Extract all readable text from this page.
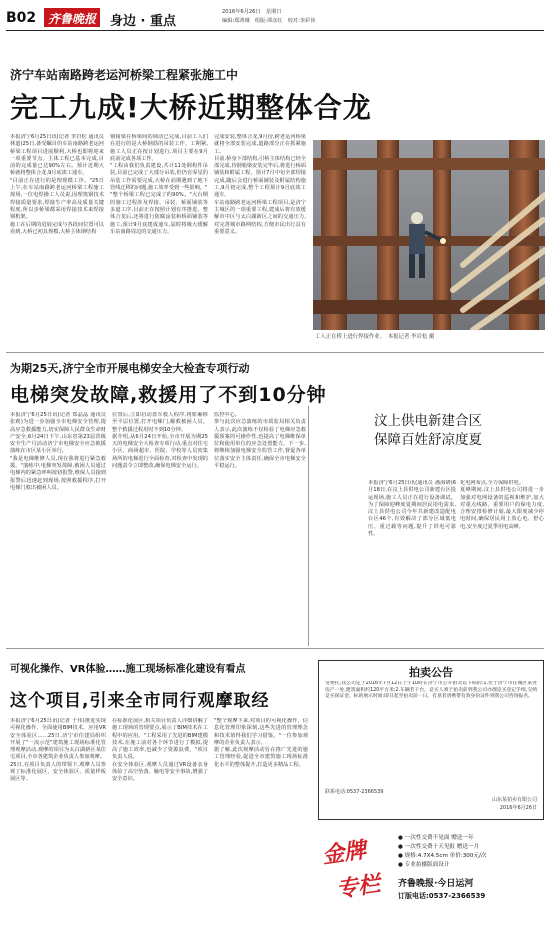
B02 齐鲁晚报	身边 · 重点
2016年6月26日　星期日
编辑:郑鸿娥　组版:谭彦红　校对:李彩侠
济宁车站南路跨老运河桥梁工程紧张施工中
完工九成!大桥近期整体合龙
本报济宁6月25日讯(记者 李岩松 通讯员 林道)25日,备受瞩目的车站南路跨老运河桥梁工程项目进展顺利,大桥也即将迎来一项重要节点。主体工程已基本完成,目前的完成量已达90%左右。预计近期大桥就将整体合龙,9月底竣工通车。
"目前正在进行的是理现模工序。"25日上午,在车站南路跨老运河桥梁工程施工现场,一位电焊操工人员说,因理筑钢技术焊接质量要求,焊接生产率高及质量关键程度,所以步桥梁都采用焊接技术来焊接钢桁架。
施工在后期的进展完成与各段间位置可以看到,大桥已初具规模,大桥主体钢结构
钢箱梁在桥梁间的调动已完成,目前工人们在进行的是大桥钢筋的吊装工作。工期紧,施工人员正在按计划进行,项目主要在9月底前完成各项工作。
"工程由我们负责建设,共计11处钢构件吊装,目前已完成了大部分吊装,但仍有零星的吊装工作需要完成,大桥在前期遇到了地下管线迁移的问题,施工效率受到一些影响。"
"整个桥梁工程已完成了约90%。"大台期的施工过程涉及焊接、吊装、桥面铺装等多道工序,目前正在按照计划有序推进。整体合龙后,还将进行防腐涂装和桥面铺装等施工,预计9月底建成通车,届时将极大缓解车站南路周边的交通压力。
完成安装,整体合龙,9月份,跨老运河桥梁就将全部安装完成,道路部分正在抓紧施工。
目前,桥身下部结构,引桥主体结构已经全部完成,待钢箱梁安装完毕后,将进行桥面铺装和附属工程。预计7月中旬全部焊接完成,随后会进行桥面铺装及附属结构施工,9月初完成,整个工程预计9月底竣工通车。
车站南路跨老运河桥梁工程项目,是济宁主城区的一项重要工程,建成后将有效缓解市中区与太白湖新区之间的交通压力,对完善城市路网结构,方便市民出行具有重要意义。
工人正在桥上进行焊接作业。　本报记者 李岩松 摄
为期25天,济宁全市开展电梯安全大检查专项行动
电梯突发故障,救援用了不到10分钟
本报济宁6月25日讯(记者 郑晶晶 通讯员 张莉)为进一步加强全市电梯安全管理,提高应急救援能力,切实保障人民群众生命财产安全,6月24日下午,山东省第23届省级安全生产月活动济宁市电梯安全应急救援演练在市区某小区举行。
"我是电梯维修人员,现在我将进行紧急救援。"演练中,电梯突发故障,被困人员通过电梯内的紧急呼叫按钮报警,维保人员接到报警后迅速赶到现场,按照救援程序,打开电梯门救出被困人员。
位置后,立即启动盘车救人程序,将轿厢移至平层位置,打开电梯门,解救被困人员。整个救援过程用时不到10分钟。
据介绍,从6月24日开始,全市开展为期25天的电梯安全大检查专项行动,重点对住宅小区、商场超市、医院、学校等人员密集场所的电梯进行全面检查,对检查中发现的问题责令立即整改,确保电梯安全运行。
监控中心。
参与此次应急演练的市质监局相关负责人表示,此次演练不仅检验了电梯应急救援预案的可操作性,也提高了电梯维保单位和使用单位的应急处置能力。下一步,将继续加强电梯安全监管工作,督促各单位落实安全主体责任,确保全市电梯安全平稳运行。
汶上供电新建合区保障百姓舒凉度夏
本报济宁6月25日讯(通讯员 潘海研)6月18日,在汶上县供电公司新建台区投运现场,施工人员正在进行设备调试。为了保障迎峰度夏期间居民用电需求,汶上县供电公司今年共新建改造配电台区46个,有效解决了部分区域低电压、重过载等问题,提升了供电可靠性。
化电网布点,全力保障供电。
夏峰期间,汶上县供电公司将进一步加强对电网设备的巡视和维护,加大对重点线路、重要用户的保电力度,合理安排检修计划,最大限度减少停电时间,确保居民用上放心电、舒心电,安全度过夏季用电高峰。
可视化操作、VR体验……施工现场标准化建设有看点
这个项目,引来全市同行观摩取经
本报济宁6月25日讯(记者 于伟)推进实现可视化操作、全面使用BIM技术、应用VR安全体验区……25日,济宁市住建局组织开展了"一流示范"建筑施工现场标准化管理观摩活动,观摩的项目为太白湖新区某住宅项目,全市各建筑企业负责人参加观摩。
25日,在项目负责人的带领下,观摩人员参观了标准化展区、安全体验区、质量样板展区等。
在标准化展区,相关项目负责人详细讲解了施工现场的管理要点,展示了BIM技术在工程中的应用。"工程采用了先进的BIM建模技术,在施工前对各个环节进行了模拟,提高了施工效率,也减少了资源浪费。"项目负责人说。
在安全体验区,观摩人员通过VR设备亲身体验了高空坠落、触电等安全事故,增强了安全意识。
"整个观摩下来,对项目的可视化操作、信息化管理印象深刻,这些先进的管理理念和技术值得我们学习借鉴。"一位参加观摩的企业负责人表示。
据了解,此次观摩活动旨在推广先进的施工管理经验,促进全市建筑施工现场标准化水平的整体提升,打造更多精品工程。
拍卖公告
受委托,我公司定于2016年7月12日上午10时在济宁市公开拍卖以下标的:1.位于济宁市任城区某处房产一处,建筑面积约120平方米;2.车辆若干台。竞买人须于拍卖前到我公司办理竞买登记手续,交纳竞买保证金。标的展示时间:即日起至拍卖前一日。有意者请携带有效身份证件到我公司咨询报名。
联系电话:0537-2366539
山东某拍卖有限公司
2016年6月26日
金牌
专栏
● 一次性交费不见面 赠送一年
● 一次性交费十天见报 赠送一月
● 规格:4.7X4.5cm 单价:300元/次
● 专业拍摄版面设计
齐鲁晚报·今日运河
订版电话:0537-2366539
